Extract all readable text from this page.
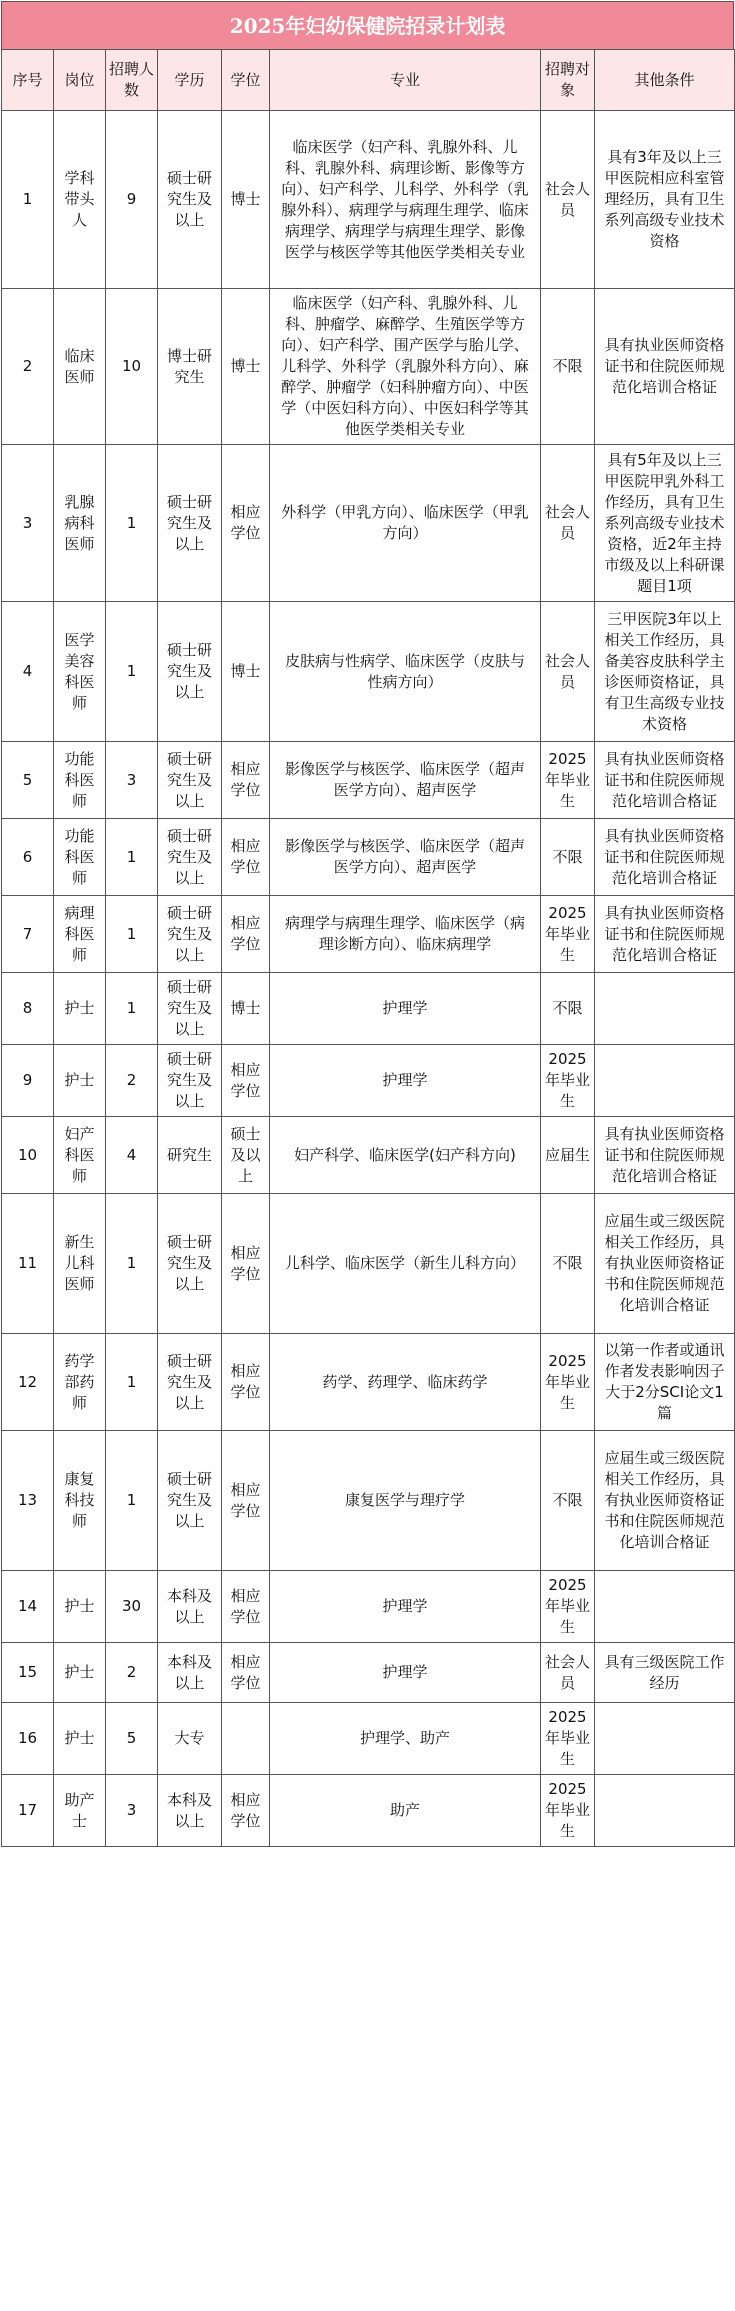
2025年妇幼保健院招录计划表
序号	岗位	招聘人数	学历	学位	专业	招聘对象	其他条件
1	学科带头人	9	硕士研究生及以上	博士	临床医学（妇产科、乳腺外科、儿科、乳腺外科、病理诊断、影像等方向）、妇产科学、儿科学、外科学（乳腺外科）、病理学与病理生理学、临床病理学、病理学与病理生理学、影像医学与核医学等其他医学类相关专业	社会人员	具有3年及以上三甲医院相应科室管理经历，具有卫生系列高级专业技术资格
2	临床医师	10	博士研究生	博士	临床医学（妇产科、乳腺外科、儿科、肿瘤学、麻醉学、生殖医学等方向）、妇产科学、围产医学与胎儿学、儿科学、外科学（乳腺外科方向）、麻醉学、肿瘤学（妇科肿瘤方向）、中医学（中医妇科方向）、中医妇科学等其他医学类相关专业	不限	具有执业医师资格证书和住院医师规范化培训合格证
3	乳腺病科医师	1	硕士研究生及以上	相应学位	外科学（甲乳方向）、临床医学（甲乳方向）	社会人员	具有5年及以上三甲医院甲乳外科工作经历，具有卫生系列高级专业技术资格，近2年主持市级及以上科研课题目1项
4	医学美容科医师	1	硕士研究生及以上	博士	皮肤病与性病学、临床医学（皮肤与性病方向）	社会人员	三甲医院3年以上相关工作经历，具备美容皮肤科学主诊医师资格证，具有卫生高级专业技术资格
5	功能科医师	3	硕士研究生及以上	相应学位	影像医学与核医学、临床医学（超声医学方向）、超声医学	2025年毕业生	具有执业医师资格证书和住院医师规范化培训合格证
6	功能科医师	1	硕士研究生及以上	相应学位	影像医学与核医学、临床医学（超声医学方向）、超声医学	不限	具有执业医师资格证书和住院医师规范化培训合格证
7	病理科医师	1	硕士研究生及以上	相应学位	病理学与病理生理学、临床医学（病理诊断方向）、临床病理学	2025年毕业生	具有执业医师资格证书和住院医师规范化培训合格证
8	护士	1	硕士研究生及以上	博士	护理学	不限	
9	护士	2	硕士研究生及以上	相应学位	护理学	2025年毕业生	
10	妇产科医师	4	研究生	硕士及以上	妇产科学、临床医学(妇产科方向)	应届生	具有执业医师资格证书和住院医师规范化培训合格证
11	新生儿科医师	1	硕士研究生及以上	相应学位	儿科学、临床医学（新生儿科方向）	不限	应届生或三级医院相关工作经历，具有执业医师资格证书和住院医师规范化培训合格证
12	药学部药师	1	硕士研究生及以上	相应学位	药学、药理学、临床药学	2025年毕业生	以第一作者或通讯作者发表影响因子大于2分SCI论文1篇
13	康复科技师	1	硕士研究生及以上	相应学位	康复医学与理疗学	不限	应届生或三级医院相关工作经历，具有执业医师资格证书和住院医师规范化培训合格证
14	护士	30	本科及以上	相应学位	护理学	2025年毕业生	
15	护士	2	本科及以上	相应学位	护理学	社会人员	具有三级医院工作经历
16	护士	5	大专		护理学、助产	2025年毕业生	
17	助产士	3	本科及以上	相应学位	助产	2025年毕业生	
